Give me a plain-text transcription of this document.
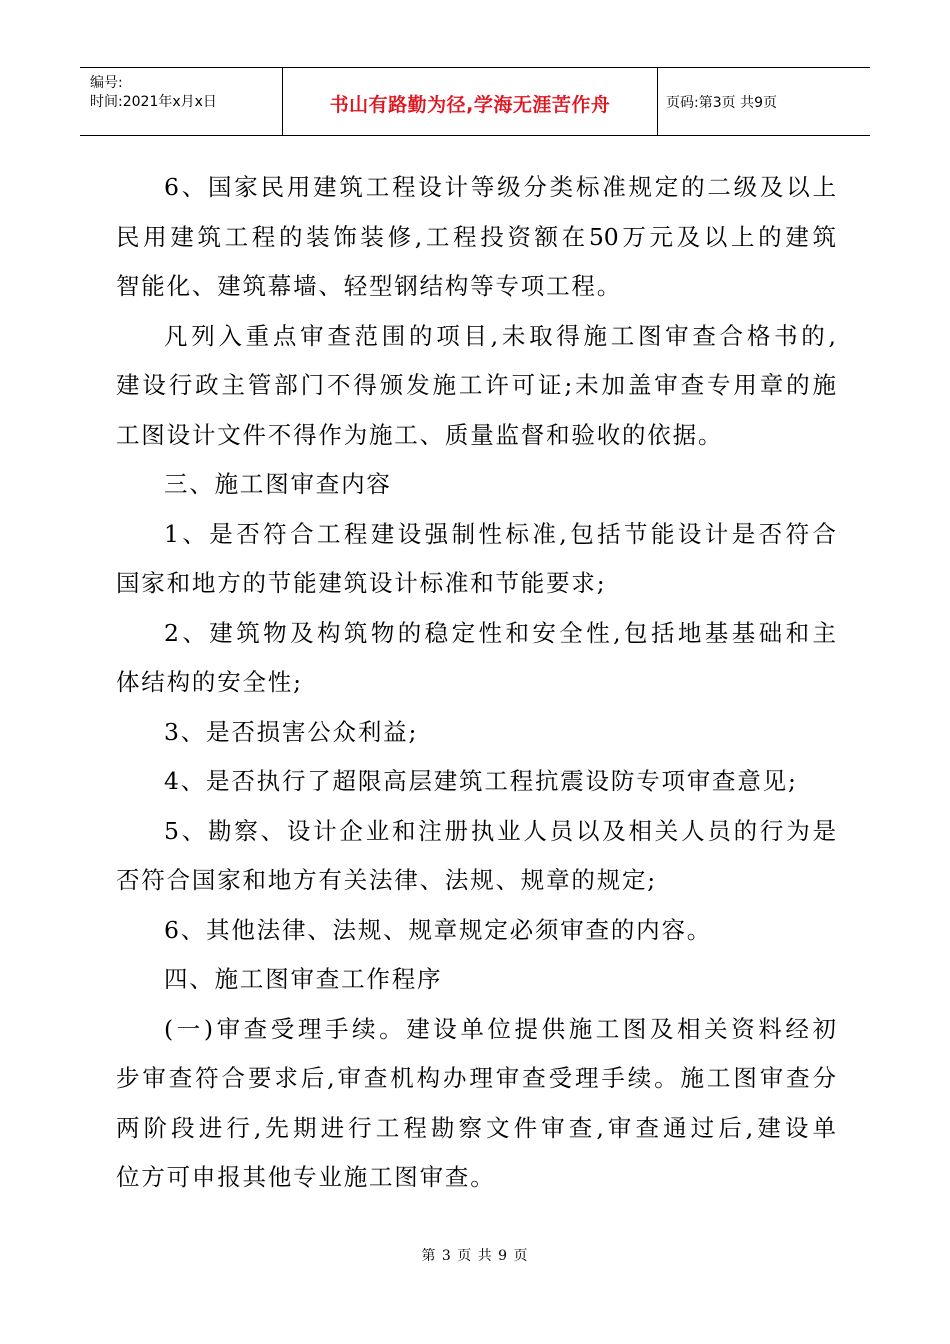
编号:
时间:2021年x月x日	书山有路勤为径,学海无涯苦作舟	页码:第3页 共9页
6、国家民用建筑工程设计等级分类标准规定的二级及以上
民用建筑工程的装饰装修,工程投资额在50万元及以上的建筑
智能化、建筑幕墙、轻型钢结构等专项工程。
凡列入重点审查范围的项目,未取得施工图审查合格书的,
建设行政主管部门不得颁发施工许可证;未加盖审查专用章的施
工图设计文件不得作为施工、质量监督和验收的依据。
三、施工图审查内容
1、是否符合工程建设强制性标准,包括节能设计是否符合
国家和地方的节能建筑设计标准和节能要求;
2、建筑物及构筑物的稳定性和安全性,包括地基基础和主
体结构的安全性;
3、是否损害公众利益;
4、是否执行了超限高层建筑工程抗震设防专项审查意见;
5、勘察、设计企业和注册执业人员以及相关人员的行为是
否符合国家和地方有关法律、法规、规章的规定;
6、其他法律、法规、规章规定必须审查的内容。
四、施工图审查工作程序
(一)审查受理手续。建设单位提供施工图及相关资料经初
步审查符合要求后,审查机构办理审查受理手续。施工图审查分
两阶段进行,先期进行工程勘察文件审查,审查通过后,建设单
位方可申报其他专业施工图审查。
第 3 页 共 9 页
